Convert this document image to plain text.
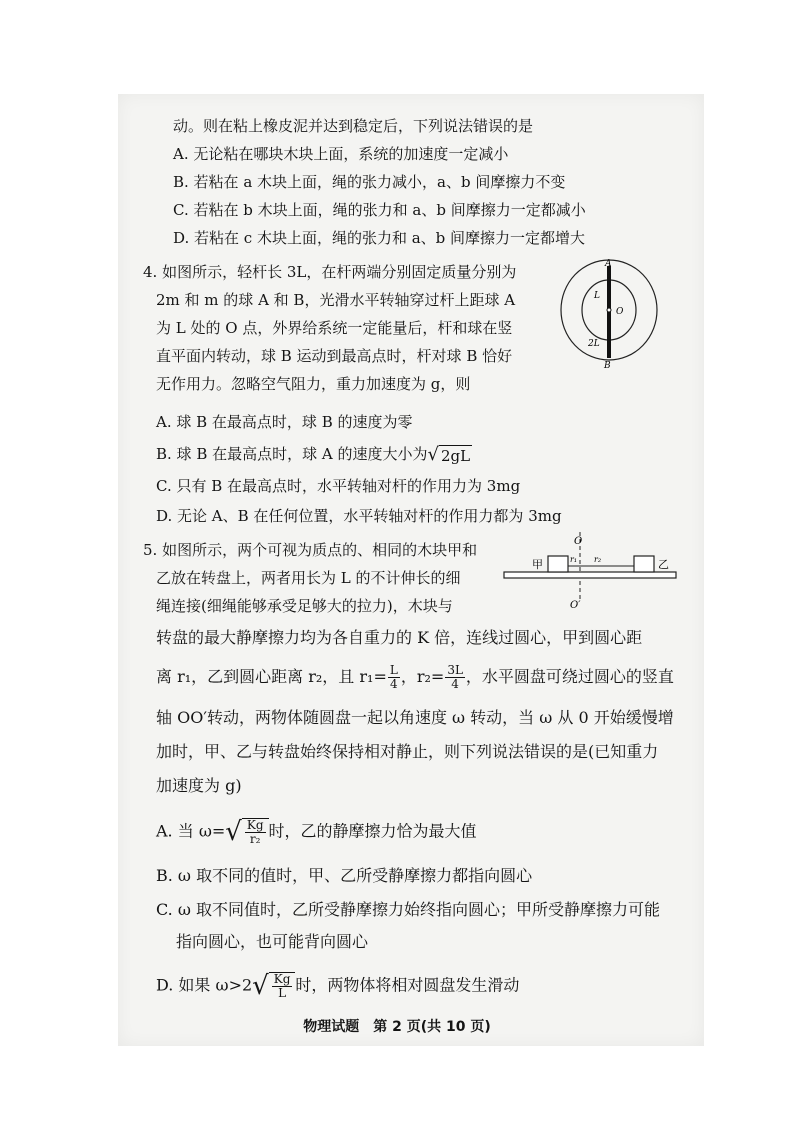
动。则在粘上橡皮泥并达到稳定后，下列说法错误的是
A. 无论粘在哪块木块上面，系统的加速度一定减小
B. 若粘在 a 木块上面，绳的张力减小，a、b 间摩擦力不变
C. 若粘在 b 木块上面，绳的张力和 a、b 间摩擦力一定都减小
D. 若粘在 c 木块上面，绳的张力和 a、b 间摩擦力一定都增大
4. 如图所示，轻杆长 3L，在杆两端分别固定质量分别为
2m 和 m 的球 A 和 B，光滑水平转轴穿过杆上距球 A
为 L 处的 O 点，外界给系统一定能量后，杆和球在竖
直平面内转动，球 B 运动到最高点时，杆对球 B 恰好
无作用力。忽略空气阻力，重力加速度为 g，则
A. 球 B 在最高点时，球 B 的速度为零
B. 球 B 在最高点时，球 A 的速度大小为√ 2gL
C. 只有 B 在最高点时，水平转轴对杆的作用力为 3mg
D. 无论 A、B 在任何位置，水平转轴对杆的作用力都为 3mg
A
B
O
L
2L
5. 如图所示，两个可视为质点的、相同的木块甲和
乙放在转盘上，两者用长为 L 的不计伸长的细
绳连接(细绳能够承受足够大的拉力)，木块与
O
O′
甲	乙
r₁ r₂
转盘的最大静摩擦力均为各自重力的 K 倍，连线过圆心，甲到圆心距
离 r₁，乙到圆心距离 r₂，且 $r_1= \frac{L}{4}$ ，$r_2= \frac{3L}{4}$ ，水平圆盘可绕过圆心的竖直
轴 OO′转动，两物体随圆盘一起以角速度 ω 转动，当 ω 从 0 开始缓慢增
加时，甲、乙与转盘始终保持相对静止，则下列说法错误的是(已知重力
加速度为 g)
A. 当 $\omega=√ \frac{Kg}{\text{r₂}}$ 时，乙的静摩擦力恰为最大值
B. ω 取不同的值时，甲、乙所受静摩擦力都指向圆心
C. ω 取不同值时，乙所受静摩擦力始终指向圆心；甲所受静摩擦力可能
指向圆心，也可能背向圆心
D. 如果 $\omega>2√ \frac{Kg}{L}$ 时，两物体将相对圆盘发生滑动
物理试题　第 2 页(共 10 页)
